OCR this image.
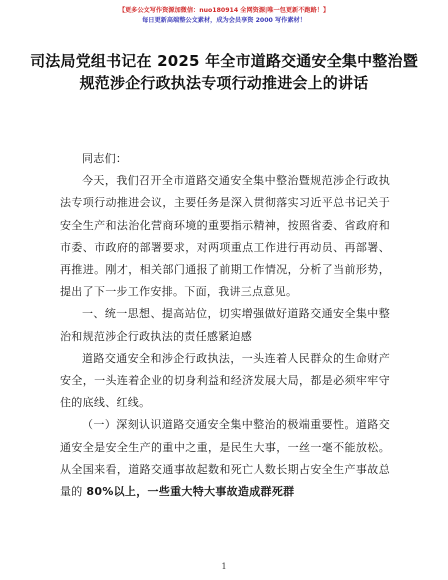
【更多公文写作资源加微信：nuo180914 全网资源|唯一包更新不跑路！】
每日更新高端整公文素材，成为会员享资 2000 写作素材！
司法局党组书记在 2025 年全市道路交通安全集中整治暨规范涉企行政执法专项行动推进会上的讲话

同志们：

今天，我们召开全市道路交通安全集中整治暨规范涉企行政执法专项行动推进会议，主要任务是深入贯彻落实习近平总书记关于安全生产和法治化营商环境的重要指示精神，按照省委、省政府和市委、市政府的部署要求，对两项重点工作进行再动员、再部署、再推进。刚才，相关部门通报了前期工作情况，分析了当前形势，提出了下一步工作安排。下面，我讲三点意见。

一、统一思想、提高站位，切实增强做好道路交通安全集中整治和规范涉企行政执法的责任感紧迫感

道路交通安全和涉企行政执法，一头连着人民群众的生命财产安全，一头连着企业的切身利益和经济发展大局，都是必须牢牢守住的底线、红线。

（一）深刻认识道路交通安全集中整治的极端重要性。道路交通安全是安全生产的重中之重，是民生大事，一丝一毫不能放松。从全国来看，道路交通事故起数和死亡人数长期占安全生产事故总量的 80%以上，一些重大特大事故造成群死群

1
